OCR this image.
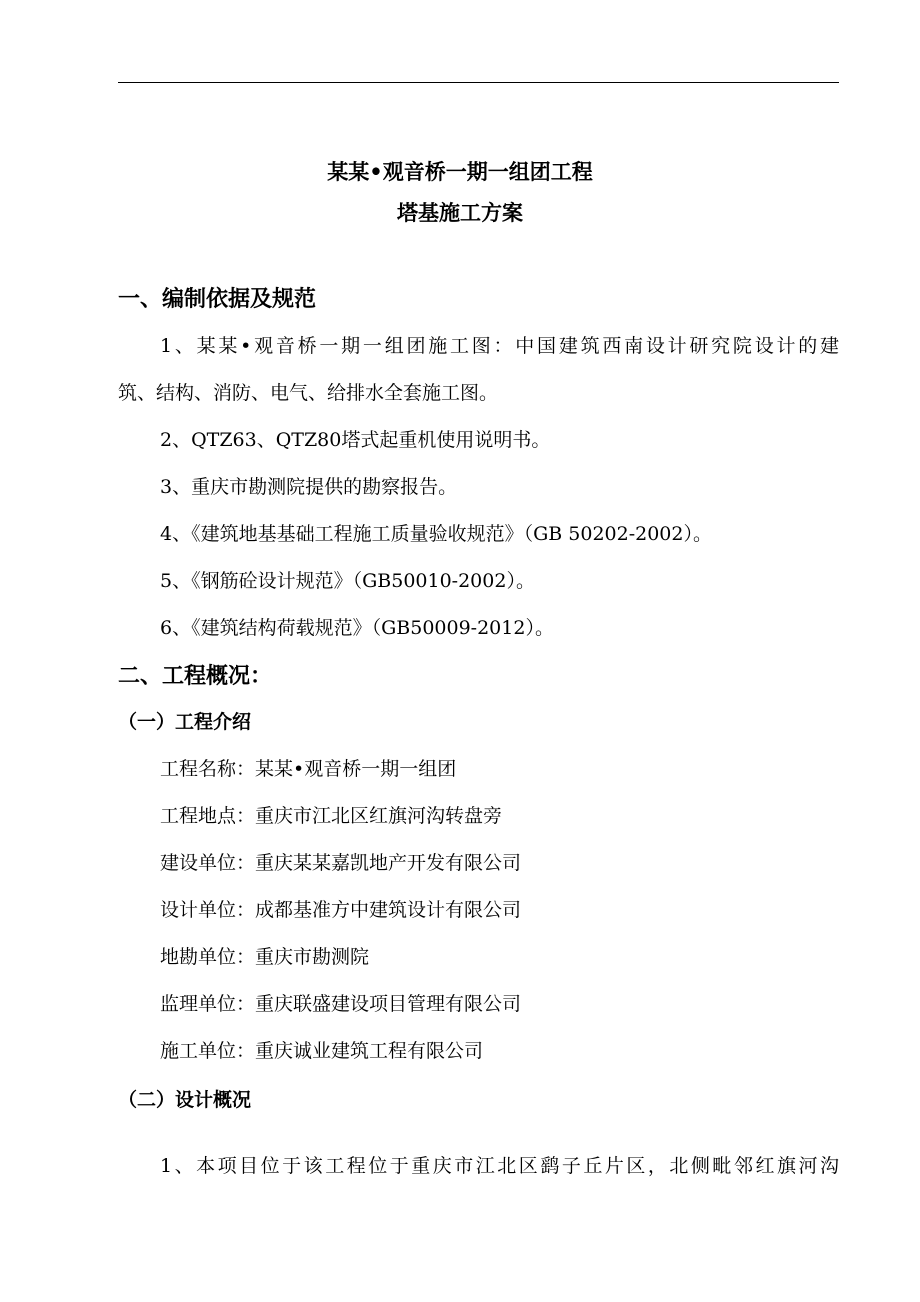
某某•观音桥一期一组团工程
塔基施工方案
一、编制依据及规范
1、某某•观音桥一期一组团施工图：中国建筑西南设计研究院设计的建
筑、结构、消防、电气、给排水全套施工图。
2、QTZ63、QTZ80塔式起重机使用说明书。
3、重庆市勘测院提供的勘察报告。
4、《建筑地基基础工程施工质量验收规范》（GB 50202-2002）。
5、《钢筋砼设计规范》（GB50010-2002）。
6、《建筑结构荷载规范》（GB50009-2012）。
二、工程概况：
（一）工程介绍
工程名称：某某•观音桥一期一组团
工程地点：重庆市江北区红旗河沟转盘旁
建设单位：重庆某某嘉凯地产开发有限公司
设计单位：成都基准方中建筑设计有限公司
地勘单位：重庆市勘测院
监理单位：重庆联盛建设项目管理有限公司
施工单位：重庆诚业建筑工程有限公司
（二）设计概况
1、本项目位于该工程位于重庆市江北区鹞子丘片区，北侧毗邻红旗河沟
